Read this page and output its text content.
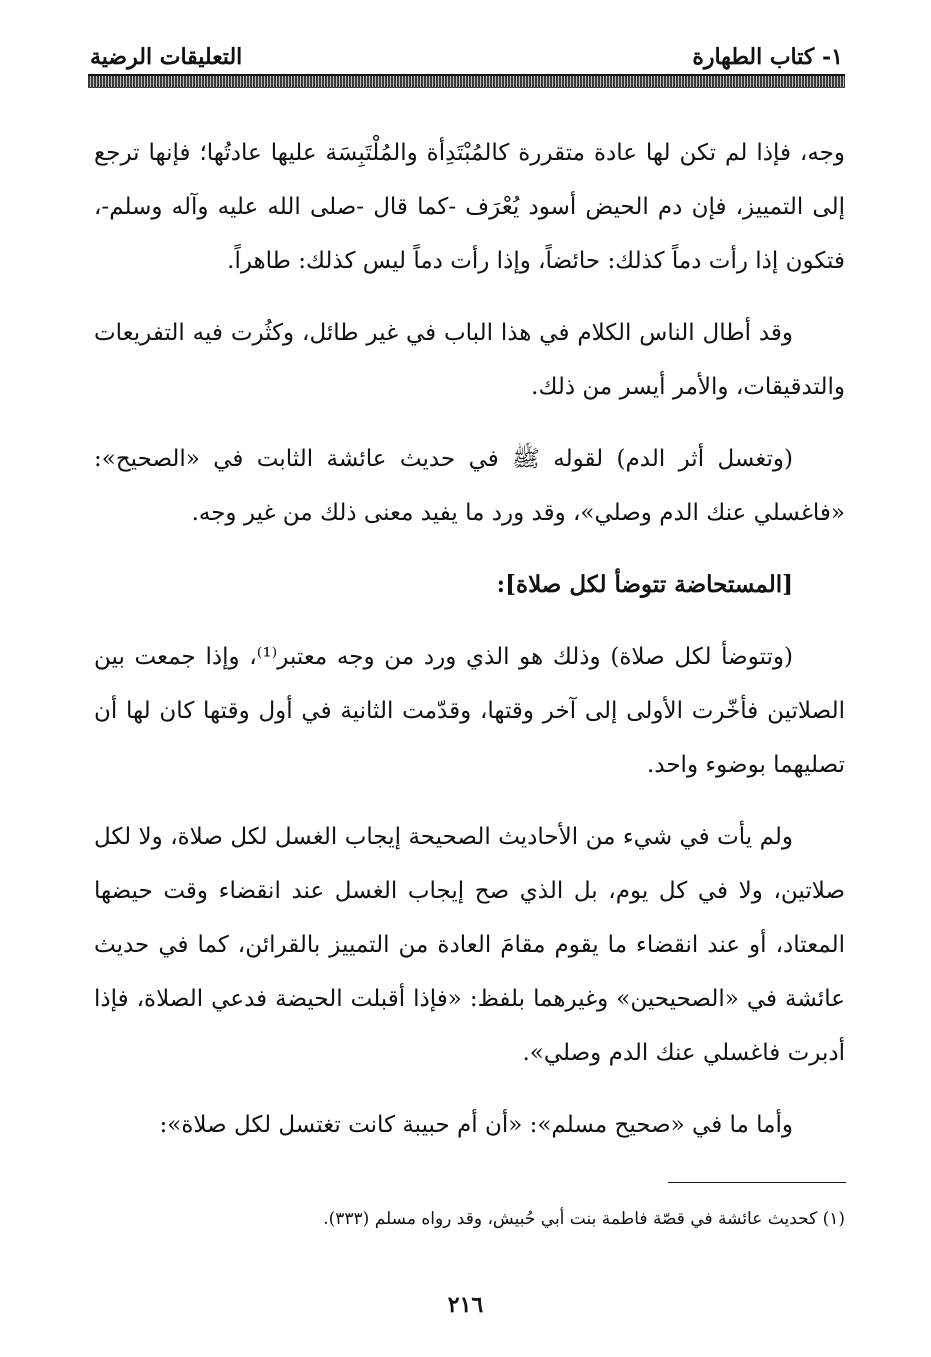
١- كتاب الطهارة
التعليقات الرضية

وجه، فإذا لم تكن لها عادة متقررة كالمُبْتَدِأة والمُلْتَبِسَة عليها عادتُها؛ فإنها ترجع إلى التمييز، فإن دم الحيض أسود يُعْرَف -كما قال -صلى الله عليه وآله وسلم-، فتكون إذا رأت دماً كذلك: حائضاً، وإذا رأت دماً ليس كذلك: طاهراً.

وقد أطال الناس الكلام في هذا الباب في غير طائل، وكثُرت فيه التفريعات والتدقيقات، والأمر أيسر من ذلك.

(وتغسل أثر الدم) لقوله ﷺ في حديث عائشة الثابت في «الصحيح»: «فاغسلي عنك الدم وصلي»، وقد ورد ما يفيد معنى ذلك من غير وجه.

[المستحاضة تتوضأ لكل صلاة]:

(وتتوضأ لكل صلاة) وذلك هو الذي ورد من وجه معتبر⁽¹⁾، وإذا جمعت بين الصلاتين فأخّرت الأولى إلى آخر وقتها، وقدّمت الثانية في أول وقتها كان لها أن تصليهما بوضوء واحد.

ولم يأت في شيء من الأحاديث الصحيحة إيجاب الغسل لكل صلاة، ولا لكل صلاتين، ولا في كل يوم، بل الذي صح إيجاب الغسل عند انقضاء وقت حيضها المعتاد، أو عند انقضاء ما يقوم مقامَ العادة من التمييز بالقرائن، كما في حديث عائشة في «الصحيحين» وغيرهما بلفظ: «فإذا أقبلت الحيضة فدعي الصلاة، فإذا أدبرت فاغسلي عنك الدم وصلي».

وأما ما في «صحيح مسلم»: «أن أم حبيبة كانت تغتسل لكل صلاة»:

(١) كحديث عائشة في قصّة فاطمة بنت أبي حُبيش، وقد رواه مسلم (٣٣٣).
٢١٦
